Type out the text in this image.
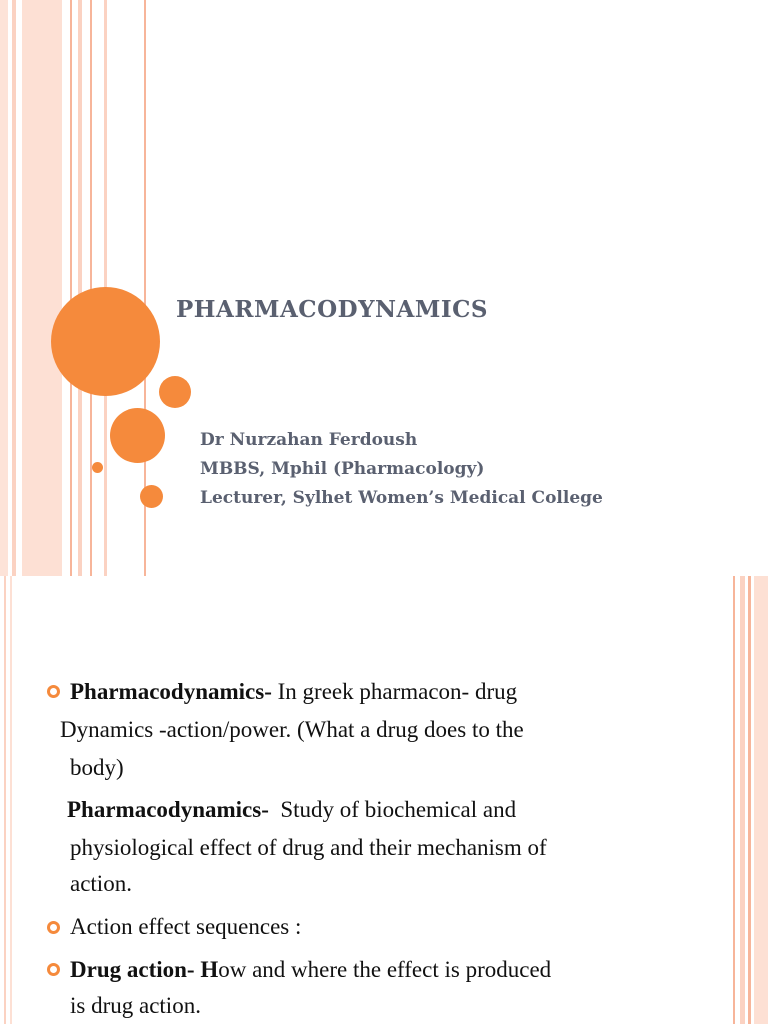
PHARMACODYNAMICS
Dr Nurzahan Ferdoush
MBBS, Mphil (Pharmacology)
Lecturer, Sylhet Women’s Medical College
Pharmacodynamics- In greek pharmacon- drug
Dynamics -action/power. (What a drug does to the
body)
Pharmacodynamics-  Study of biochemical and
physiological effect of drug and their mechanism of
action.
Action effect sequences :
Drug action- How and where the effect is produced
is drug action.
